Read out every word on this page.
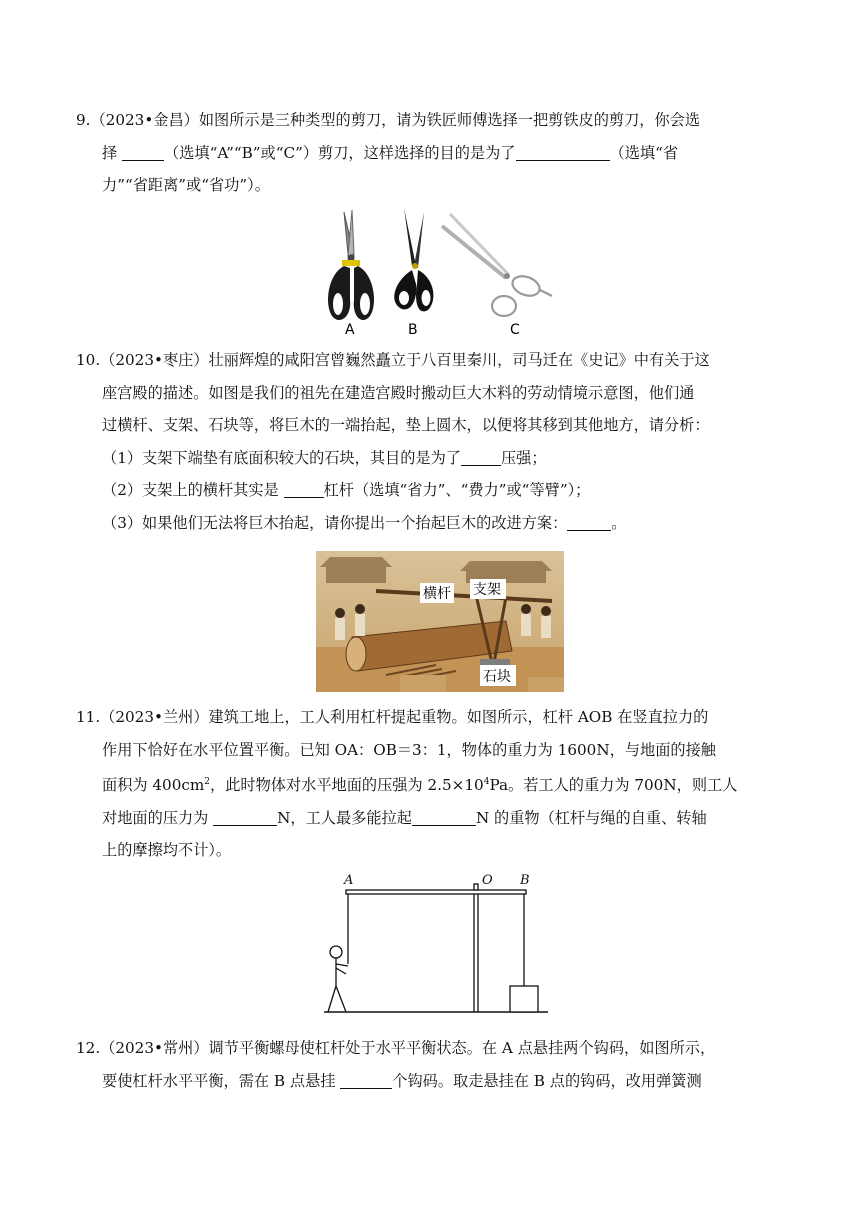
9.（2023•金昌）如图所示是三种类型的剪刀，请为铁匠师傅选择一把剪铁皮的剪刀，你会选
择	（选填“A”“B”或“C”）剪刀，这样选择的目的是为了	（选填“省
力”“省距离”或“省功”）。
A	B	C
10.（2023•枣庄）壮丽辉煌的咸阳宫曾巍然矗立于八百里秦川，司马迁在《史记》中有关于这
座宫殿的描述。如图是我们的祖先在建造宫殿时搬动巨大木料的劳动情境示意图，他们通
过横杆、支架、石块等，将巨木的一端抬起，垫上圆木，以便将其移到其他地方，请分析：
（1）支架下端垫有底面积较大的石块，其目的是为了	压强；
（2）支架上的横杆其实是	杠杆（选填“省力”、“费力”或“等臂”）；
（3）如果他们无法将巨木抬起，请你提出一个抬起巨木的改进方案：	。
横杆 支架
石块
11.（2023•兰州）建筑工地上，工人利用杠杆提起重物。如图所示，杠杆 AOB 在竖直拉力的
作用下恰好在水平位置平衡。已知 OA：OB＝3：1，物体的重力为 1600N，与地面的接触
面积为 $400cm^2$，此时物体对水平地面的压强为 $2.5\times 10^4Pa$。若工人的重力为 700N，则工人
对地面的压力为	N，工人最多能拉起	N 的重物（杠杆与绳的自重、转轴
上的摩擦均不计）。
A	O B
12.（2023•常州）调节平衡螺母使杠杆处于水平平衡状态。在 A 点悬挂两个钩码，如图所示，
要使杠杆水平平衡，需在 B 点悬挂	个钩码。取走悬挂在 B 点的钩码，改用弹簧测
